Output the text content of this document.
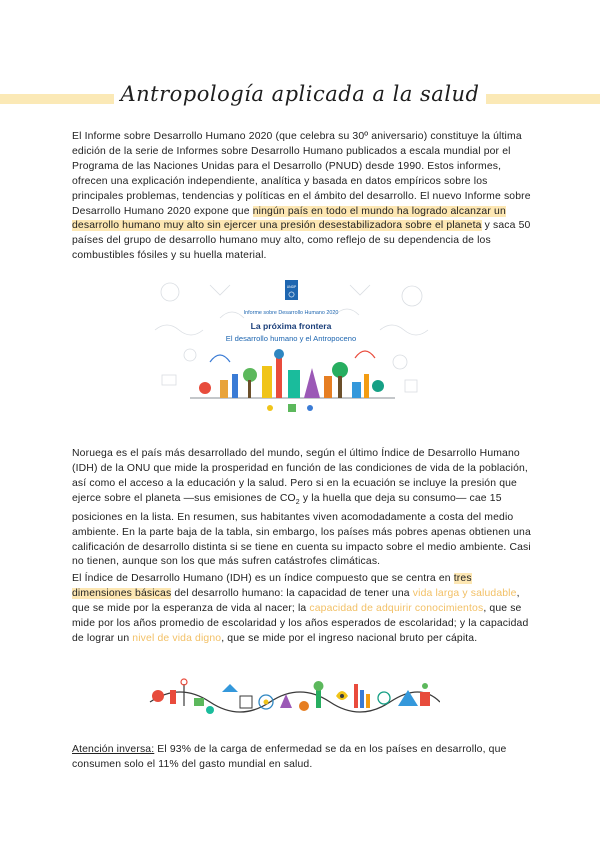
Antropología aplicada a la salud

El Informe sobre Desarrollo Humano 2020 (que celebra su 30º aniversario) constituye la última edición de la serie de Informes sobre Desarrollo Humano publicados a escala mundial por el Programa de las Naciones Unidas para el Desarrollo (PNUD) desde 1990. Estos informes, ofrecen una explicación independiente, analítica y basada en datos empíricos sobre los principales problemas, tendencias y políticas en el ámbito del desarrollo. El nuevo Informe sobre Desarrollo Humano 2020 expone que ningún país en todo el mundo ha logrado alcanzar un desarrollo humano muy alto sin ejercer una presión desestabilizadora sobre el planeta y saca 50 países del grupo de desarrollo humano muy alto, como reflejo de su dependencia de los combustibles fósiles y su huella material.

UNDP
Informe sobre Desarrollo Humano 2020
La próxima frontera
El desarrollo humano y el Antropoceno

Noruega es el país más desarrollado del mundo, según el último Índice de Desarrollo Humano (IDH) de la ONU que mide la prosperidad en función de las condiciones de vida de la población, así como el acceso a la educación y la salud. Pero si en la ecuación se incluye la presión que ejerce sobre el planeta —sus emisiones de $CO_2$ y la huella que deja su consumo— cae 15 posiciones en la lista. En resumen, sus habitantes viven acomodadamente a costa del medio ambiente. En la parte baja de la tabla, sin embargo, los países más pobres apenas obtienen una calificación de desarrollo distinta si se tiene en cuenta su impacto sobre el medio ambiente. Casi no tienen, aunque son los que más sufren catástrofes climáticas.

El Índice de Desarrollo Humano (IDH) es un índice compuesto que se centra en tres dimensiones básicas del desarrollo humano: la capacidad de tener una vida larga y saludable, que se mide por la esperanza de vida al nacer; la capacidad de adquirir conocimientos, que se mide por los años promedio de escolaridad y los años esperados de escolaridad; y la capacidad de lograr un nivel de vida digno, que se mide por el ingreso nacional bruto per cápita.

Atención inversa: El 93% de la carga de enfermedad se da en los países en desarrollo, que consumen solo el 11% del gasto mundial en salud.
